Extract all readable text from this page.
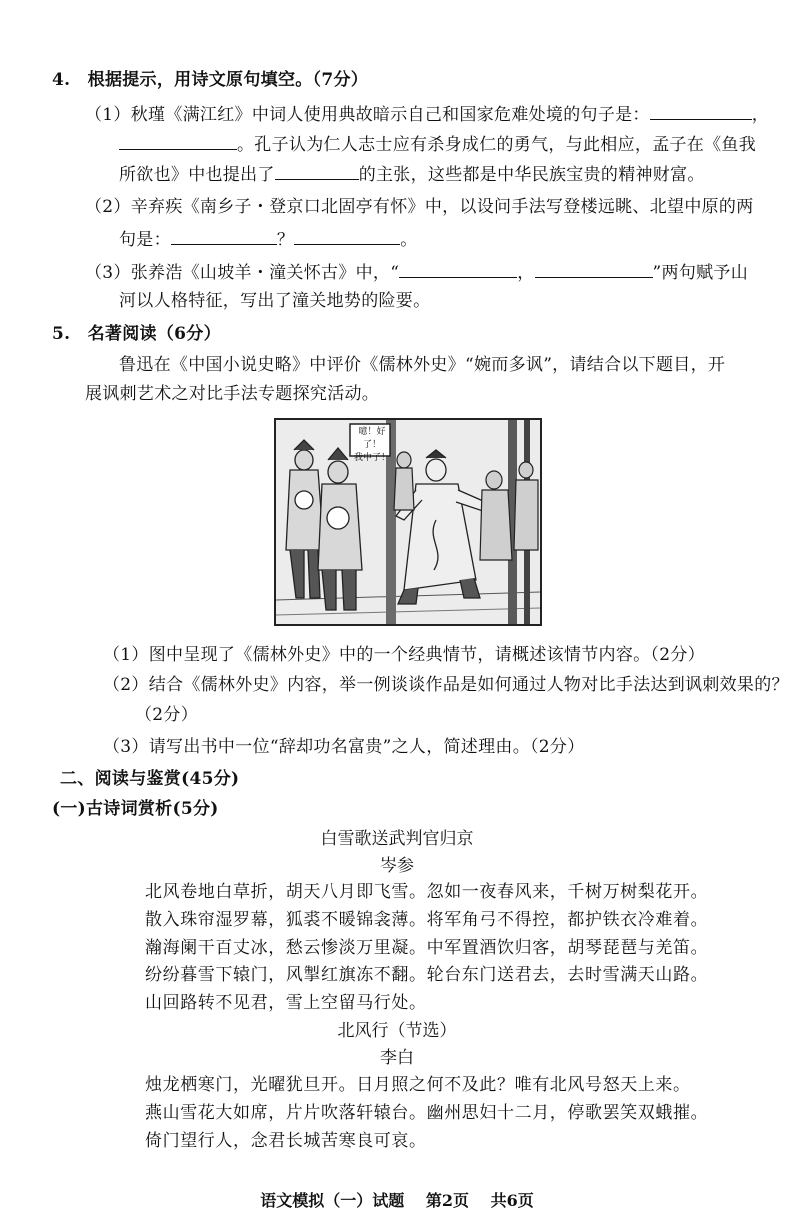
4.　根据提示，用诗文原句填空。（7分）
（1）秋瑾《满江红》中词人使用典故暗示自己和国家危难处境的句子是：	，
。孔子认为仁人志士应有杀身成仁的勇气，与此相应，孟子在《鱼我
所欲也》中也提出了	的主张，这些都是中华民族宝贵的精神财富。
（2）辛弃疾《南乡子・登京口北固亭有怀》中，以设问手法写登楼远眺、北望中原的两
句是：	？	。
（3）张养浩《山坡羊・潼关怀古》中，“	，	”两句赋予山
河以人格特征，写出了潼关地势的险要。
5.　名著阅读（6分）
鲁迅在《中国小说史略》中评价《儒林外史》“婉而多讽”，请结合以下题目，开
展讽刺艺术之对比手法专题探究活动。
噫！好了！
我中了！
（1）图中呈现了《儒林外史》中的一个经典情节，请概述该情节内容。（2分）
（2）结合《儒林外史》内容，举一例谈谈作品是如何通过人物对比手法达到讽刺效果的？
（2分）
（3）请写出书中一位“辞却功名富贵”之人，简述理由。（2分）
二、阅读与鉴赏(45分)
(一)古诗词赏析(5分)
白雪歌送武判官归京
岑参
北风卷地白草折，胡天八月即飞雪。忽如一夜春风来，千树万树梨花开。
散入珠帘湿罗幕，狐裘不暖锦衾薄。将军角弓不得控，都护铁衣冷难着。
瀚海阑干百丈冰，愁云惨淡万里凝。中军置酒饮归客，胡琴琵琶与羌笛。
纷纷暮雪下辕门，风掣红旗冻不翻。轮台东门送君去，去时雪满天山路。
山回路转不见君，雪上空留马行处。
北风行（节选）
李白
烛龙栖寒门，光曜犹旦开。日月照之何不及此？唯有北风号怒天上来。
燕山雪花大如席，片片吹落轩辕台。幽州思妇十二月，停歌罢笑双蛾摧。
倚门望行人，念君长城苦寒良可哀。
语文模拟（一）试题 第2页 共6页
